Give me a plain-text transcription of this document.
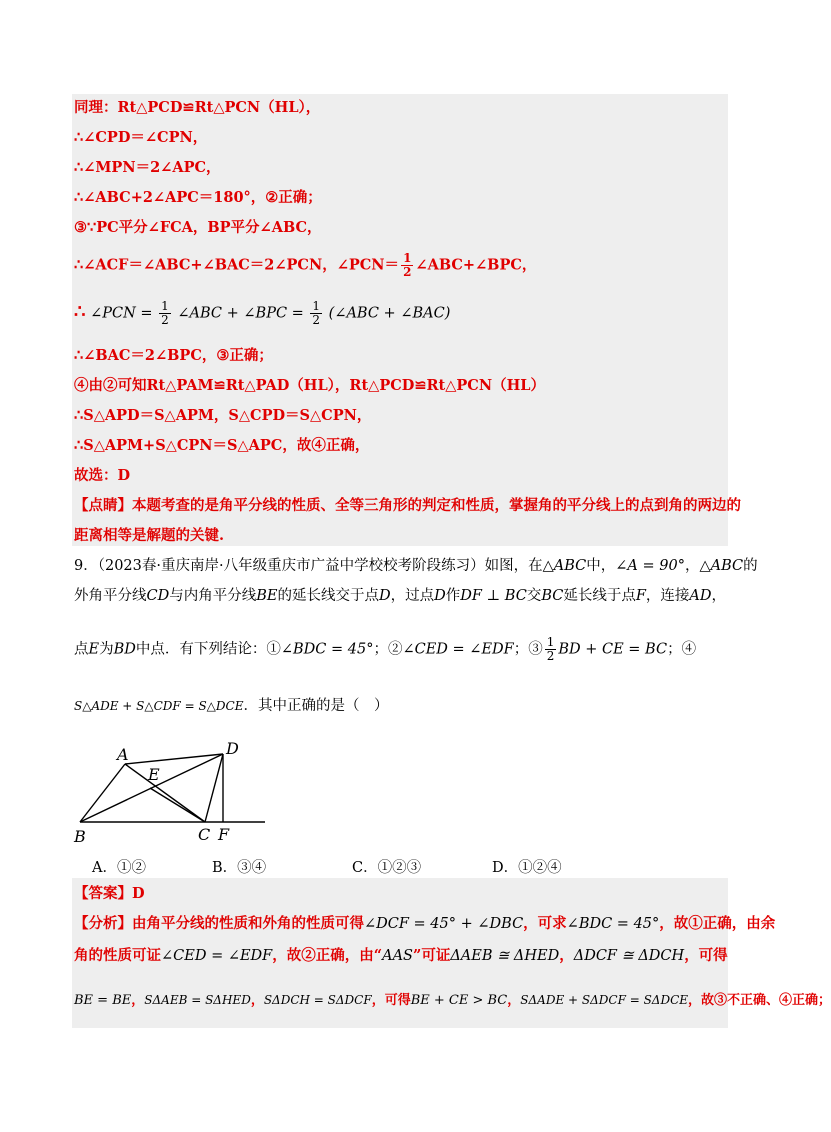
同理：Rt△PCD≌Rt△PCN（HL），
∴∠CPD＝∠CPN，
∴∠MPN＝2∠APC，
∴∠ABC+2∠APC＝180°，②正确；
③∵PC平分∠FCA，BP平分∠ABC，
∴∠ACF＝∠ABC+∠BAC＝2∠PCN，∠PCN＝ $\frac{1}{2}$ ∠ABC+∠BPC，
∴ ∠PCN = $\frac{1}{2}$ ∠ABC + ∠BPC = $\frac{1}{2}$ (∠ABC + ∠BAC)
∴∠BAC＝2∠BPC，③正确；
④由②可知Rt△PAM≌Rt△PAD（HL），Rt△PCD≌Rt△PCN（HL）
∴S△APD＝S△APM，S△CPD＝S△CPN，
∴S△APM+S△CPN＝S△APC，故④正确，
故选：D
【点睛】本题考查的是角平分线的性质、全等三角形的判定和性质，掌握角的平分线上的点到角的两边的
距离相等是解题的关键.
9．（2023春·重庆南岸·八年级重庆市广益中学校校考阶段练习）如图，在△ABC中，∠A = 90°，△ABC的
外角平分线CD与内角平分线BE的延长线交于点D，过点D作DF ⊥ BC交BC延长线于点F，连接AD，
点E为BD中点．有下列结论：①∠BDC = 45°；②∠CED = ∠EDF；③ $\frac{1}{2}$ BD + CE = BC；④
S△ADE + S△CDF = S△DCE．其中正确的是（　）
A
B	C
D
E
F
A．①②	B．③④	C．①②③	D．①②④
【答案】D
【分析】由角平分线的性质和外角的性质可得∠DCF = 45° + ∠DBC，可求∠BDC = 45°，故①正确，由余
角的性质可证∠CED = ∠EDF，故②正确，由“AAS”可证ΔAEB ≅ ΔHED，ΔDCF ≅ ΔDCH，可得
BE = BE，SΔAEB = SΔHED，SΔDCH = SΔDCF，可得BE + CE > BC，SΔADE + SΔDCF = SΔDCE，故③不正确、④正确；
